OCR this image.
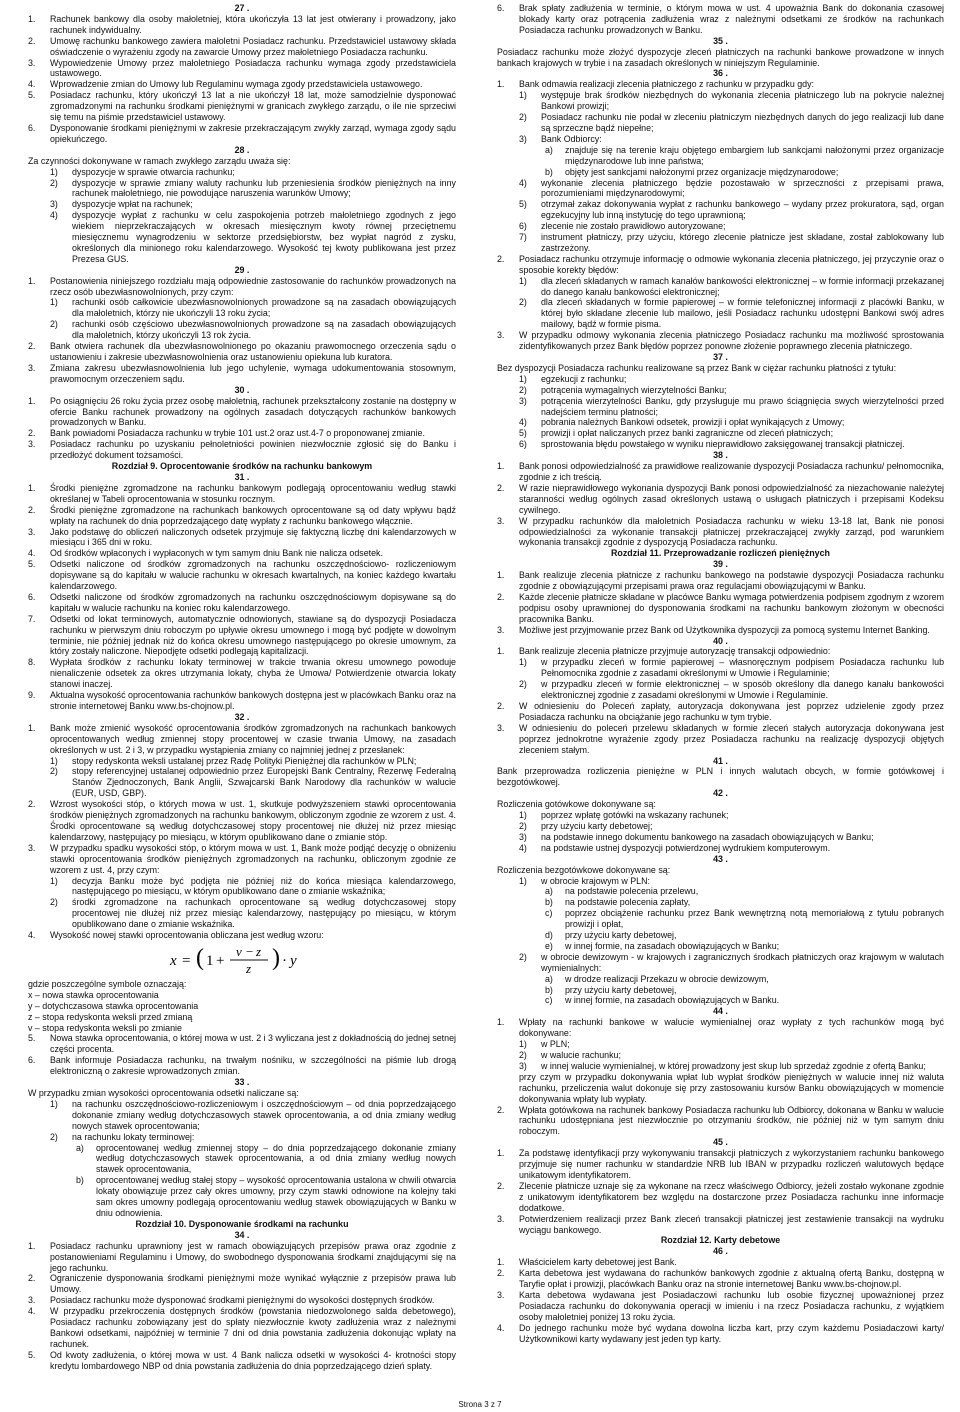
27 .

1. Rachunek bankowy dla osoby małoletniej, która ukończyła 13 lat jest otwierany i prowadzony, jako rachunek indywidualny.

2. Umowę rachunku bankowego zawiera małoletni Posiadacz rachunku. Przedstawiciel ustawowy składa oświadczenie o wyrażeniu zgody na zawarcie Umowy przez małoletniego Posiadacza rachunku.

3. Wypowiedzenie Umowy przez małoletniego Posiadacza rachunku wymaga zgody przedstawiciela ustawowego.

4. Wprowadzenie zmian do Umowy lub Regulaminu wymaga zgody przedstawiciela ustawowego.

5. Posiadacz rachunku, który ukończył 13 lat a nie ukończył 18 lat, może samodzielnie dysponować zgromadzonymi na rachunku środkami pieniężnymi w granicach zwykłego zarządu, o ile nie sprzeciwi się temu na piśmie przedstawiciel ustawowy.

6. Dysponowanie środkami pieniężnymi w zakresie przekraczającym zwykły zarząd, wymaga zgody sądu opiekuńczego.

28 .

Za czynności dokonywane w ramach zwykłego zarządu uważa się:

1) dyspozycje w sprawie otwarcia rachunku;

2) dyspozycje w sprawie zmiany waluty rachunku lub przeniesienia środków pieniężnych na inny rachunek małoletniego, nie powodujące naruszenia warunków Umowy;

3) dyspozycje wpłat na rachunek;

4) dyspozycje wypłat z rachunku w celu zaspokojenia potrzeb małoletniego zgodnych z jego wiekiem nieprzekraczających w okresach miesięcznym kwoty równej przeciętnemu miesięcznemu wynagrodzeniu w sektorze przedsiębiorstw, bez wypłat nagród z zysku, określonych dla minionego roku kalendarzowego. Wysokość tej kwoty publikowana jest przez Prezesa GUS.

29 .

1. Postanowienia niniejszego rozdziału mają odpowiednie zastosowanie do rachunków prowadzonych na rzecz osób ubezwłasnowolnionych, przy czym:

1) rachunki osób całkowicie ubezwłasnowolnionych prowadzone są na zasadach obowiązujących dla małoletnich, którzy nie ukończyli 13 roku życia;

2) rachunki osób częściowo ubezwłasnowolnionych prowadzone są na zasadach obowiązujących dla małoletnich, którzy ukończyli 13 rok życia.

2. Bank otwiera rachunek dla ubezwłasnowolnionego po okazaniu prawomocnego orzeczenia sądu o ustanowieniu i zakresie ubezwłasnowolnienia oraz ustanowieniu opiekuna lub kuratora.

3. Zmiana zakresu ubezwłasnowolnienia lub jego uchylenie, wymaga udokumentowania stosownym, prawomocnym orzeczeniem sądu.

30 .

1. Po osiągnięciu 26 roku życia przez osobę małoletnią, rachunek przekształcony zostanie na dostępny w ofercie Banku rachunek prowadzony na ogólnych zasadach dotyczących rachunków bankowych prowadzonych w Banku.

2. Bank powiadomi Posiadacza rachunku w trybie 101 ust.2 oraz ust.4-7 o proponowanej zmianie.

3. Posiadacz rachunku po uzyskaniu pełnoletniości powinien niezwłocznie zgłosić się do Banku i przedłożyć dokument tożsamości.

Rozdział 9. Oprocentowanie środków na rachunku bankowym

31 .

1. Środki pieniężne zgromadzone na rachunku bankowym podlegają oprocentowaniu według stawki określanej w Tabeli oprocentowania w stosunku rocznym.

2. Środki pieniężne zgromadzone na rachunkach bankowych oprocentowane są od daty wpływu bądź wpłaty na rachunek do dnia poprzedzającego datę wypłaty z rachunku bankowego włącznie.

3. Jako podstawę do obliczeń naliczonych odsetek przyjmuje się faktyczną liczbę dni kalendarzowych w miesiącu i 365 dni w roku.

4. Od środków wpłaconych i wypłaconych w tym samym dniu Bank nie nalicza odsetek.

5. Odsetki naliczone od środków zgromadzonych na rachunku oszczędnościowo- rozliczeniowym dopisywane są do kapitału w walucie rachunku w okresach kwartalnych, na koniec każdego kwartału kalendarzowego.

6. Odsetki naliczone od środków zgromadzonych na rachunku oszczędnościowym dopisywane są do kapitału w walucie rachunku na koniec roku kalendarzowego.

7. Odsetki od lokat terminowych, automatycznie odnowionych, stawiane są do dyspozycji Posiadacza rachunku w pierwszym dniu roboczym po upływie okresu umownego i mogą być podjęte w dowolnym terminie, nie później jednak niż do końca okresu umownego następującego po okresie umownym, za który zostały naliczone. Niepodjęte odsetki podlegają kapitalizacji.

8. Wypłata środków z rachunku lokaty terminowej w trakcie trwania okresu umownego powoduje nienaliczenie odsetek za okres utrzymania lokaty, chyba że Umowa/ Potwierdzenie otwarcia lokaty stanowi inaczej.

9. Aktualna wysokość oprocentowania rachunków bankowych dostępna jest w placówkach Banku oraz na stronie internetowej Banku www.bs-chojnow.pl.

32 .

1. Bank może zmienić wysokość oprocentowania środków zgromadzonych na rachunkach bankowych oprocentowanych według zmiennej stopy procentowej w czasie trwania Umowy, na zasadach określonych w ust. 2 i 3, w przypadku wystąpienia zmiany co najmniej jednej z przesłanek:

1) stopy redyskonta weksli ustalanej przez Radę Polityki Pieniężnej dla rachunków w PLN;

2) stopy referencyjnej ustalanej odpowiednio przez Europejski Bank Centralny, Rezerwę Federalną Stanów Zjednoczonych, Bank Anglii, Szwajcarski Bank Narodowy dla rachunków w walucie (EUR, USD, GBP).

2. Wzrost wysokości stóp, o których mowa w ust. 1, skutkuje podwyższeniem stawki oprocentowania środków pieniężnych zgromadzonych na rachunku bankowym, obliczonym zgodnie ze wzorem z ust. 4. Środki oprocentowane są według dotychczasowej stopy procentowej nie dłużej niż przez miesiąc kalendarzowy, następujący po miesiącu, w którym opublikowano dane o zmianie stóp.

3. W przypadku spadku wysokości stóp, o którym mowa w ust. 1, Bank może podjąć decyzję o obniżeniu stawki oprocentowania środków pieniężnych zgromadzonych na rachunku, obliczonym zgodnie ze wzorem z ust. 4, przy czym:

1) decyzja Banku może być podjęta nie później niż do końca miesiąca kalendarzowego, następującego po miesiącu, w którym opublikowano dane o zmianie wskaźnika;

2) środki zgromadzone na rachunkach oprocentowane są według dotychczasowej stopy procentowej nie dłużej niż przez miesiąc kalendarzowy, następujący po miesiącu, w którym opublikowano dane o zmianie wskaźnika.

4. Wysokość nowej stawki oprocentowania obliczana jest według wzoru:

x = ( 1 +
v − z
z ) · y

gdzie poszczególne symbole oznaczają:

x – nowa stawka oprocentowania

y – dotychczasowa stawka oprocentowania

z – stopa redyskonta weksli przed zmianą

v – stopa redyskonta weksli po zmianie

5. Nowa stawka oprocentowania, o której mowa w ust. 2 i 3 wyliczana jest z dokładnością do jednej setnej części procenta.

6. Bank informuje Posiadacza rachunku, na trwałym nośniku, w szczególności na piśmie lub drogą elektroniczną o zakresie wprowadzonych zmian.

33 .

W przypadku zmian wysokości oprocentowania odsetki naliczane są:

1) na rachunku oszczędnościowo-rozliczeniowym i oszczędnościowym – od dnia poprzedzającego dokonanie zmiany według dotychczasowych stawek oprocentowania, a od dnia zmiany według nowych stawek oprocentowania;

2) na rachunku lokaty terminowej:

a) oprocentowanej według zmiennej stopy – do dnia poprzedzającego dokonanie zmiany według dotychczasowych stawek oprocentowania, a od dnia zmiany według nowych stawek oprocentowania,

b) oprocentowanej według stałej stopy – wysokość oprocentowania ustalona w chwili otwarcia lokaty obowiązuje przez cały okres umowny, przy czym stawki odnowione na kolejny taki sam okres umowny podlegają oprocentowaniu według stawek obowiązujących w Banku w dniu odnowienia.

Rozdział 10. Dysponowanie środkami na rachunku

34 .

1. Posiadacz rachunku uprawniony jest w ramach obowiązujących przepisów prawa oraz zgodnie z postanowieniami Regulaminu i Umowy, do swobodnego dysponowania środkami znajdującymi się na jego rachunku.

2. Ograniczenie dysponowania środkami pieniężnymi może wynikać wyłącznie z przepisów prawa lub Umowy.

3. Posiadacz rachunku może dysponować środkami pieniężnymi do wysokości dostępnych środków.

4. W przypadku przekroczenia dostępnych środków (powstania niedozwolonego salda debetowego), Posiadacz rachunku zobowiązany jest do spłaty niezwłocznie kwoty zadłużenia wraz z należnymi Bankowi odsetkami, najpóźniej w terminie 7 dni od dnia powstania zadłużenia dokonując wpłaty na rachunek.

5. Od kwoty zadłużenia, o której mowa w ust. 4 Bank nalicza odsetki w wysokości 4- krotności stopy kredytu lombardowego NBP od dnia powstania zadłużenia do dnia poprzedzającego dzień spłaty.

6. Brak spłaty zadłużenia w terminie, o którym mowa w ust. 4 upoważnia Bank do dokonania czasowej blokady karty oraz potrącenia zadłużenia wraz z należnymi odsetkami ze środków na rachunkach Posiadacza rachunku prowadzonych w Banku.

35 .

Posiadacz rachunku może złożyć dyspozycje zleceń płatniczych na rachunki bankowe prowadzone w innych bankach krajowych w trybie i na zasadach określonych w niniejszym Regulaminie.

36 .

1. Bank odmawia realizacji zlecenia płatniczego z rachunku w przypadku gdy:

1) występuje brak środków niezbędnych do wykonania zlecenia płatniczego lub na pokrycie należnej Bankowi prowizji;

2) Posiadacz rachunku nie podał w zleceniu płatniczym niezbędnych danych do jego realizacji lub dane są sprzeczne bądź niepełne;

3) Bank Odbiorcy:

a) znajduje się na terenie kraju objętego embargiem lub sankcjami nałożonymi przez organizacje międzynarodowe lub inne państwa;

b) objęty jest sankcjami nałożonymi przez organizacje międzynarodowe;

4) wykonanie zlecenia płatniczego będzie pozostawało w sprzeczności z przepisami prawa, porozumieniami międzynarodowymi;

5) otrzymał zakaz dokonywania wypłat z rachunku bankowego – wydany przez prokuratora, sąd, organ egzekucyjny lub inną instytucję do tego uprawnioną;

6) zlecenie nie zostało prawidłowo autoryzowane;

7) instrument płatniczy, przy użyciu, którego zlecenie płatnicze jest składane, został zablokowany lub zastrzeżony.

2. Posiadacz rachunku otrzymuje informację o odmowie wykonania zlecenia płatniczego, jej przyczynie oraz o sposobie korekty błędów:

1) dla zleceń składanych w ramach kanałów bankowości elektronicznej – w formie informacji przekazanej do danego kanału bankowości elektronicznej;

2) dla zleceń składanych w formie papierowej – w formie telefonicznej informacji z placówki Banku, w której było składane zlecenie lub mailowo, jeśli Posiadacz rachunku udostępni Bankowi swój adres mailowy, bądź w formie pisma.

3. W przypadku odmowy wykonania zlecenia płatniczego Posiadacz rachunku ma możliwość sprostowania zidentyfikowanych przez Bank błędów poprzez ponowne złożenie poprawnego zlecenia płatniczego.

37 .

Bez dyspozycji Posiadacza rachunku realizowane są przez Bank w ciężar rachunku płatności z tytułu:

1) egzekucji z rachunku;

2) potrącenia wymagalnych wierzytelności Banku;

3) potrącenia wierzytelności Banku, gdy przysługuje mu prawo ściągnięcia swych wierzytelności przed nadejściem terminu płatności;

4) pobrania należnych Bankowi odsetek, prowizji i opłat wynikających z Umowy;

5) prowizji i opłat naliczanych przez banki zagraniczne od zleceń płatniczych;

6) sprostowania błędu powstałego w wyniku nieprawidłowo zaksięgowanej transakcji płatniczej.

38 .

1. Bank ponosi odpowiedzialność za prawidłowe realizowanie dyspozycji Posiadacza rachunku/ pełnomocnika, zgodnie z ich treścią.

2. W razie nieprawidłowego wykonania dyspozycji Bank ponosi odpowiedzialność za niezachowanie należytej staranności według ogólnych zasad określonych ustawą o usługach płatniczych i przepisami Kodeksu cywilnego.

3. W przypadku rachunków dla małoletnich Posiadacza rachunku w wieku 13-18 lat, Bank nie ponosi odpowiedzialności za wykonanie transakcji płatniczej przekraczającej zwykły zarząd, pod warunkiem wykonania transakcji zgodnie z dyspozycją Posiadacza rachunku.

Rozdział 11. Przeprowadzanie rozliczeń pieniężnych

39 .

1. Bank realizuje zlecenia płatnicze z rachunku bankowego na podstawie dyspozycji Posiadacza rachunku zgodnie z obowiązującymi przepisami prawa oraz regulacjami obowiązującymi w Banku.

2. Każde zlecenie płatnicze składane w placówce Banku wymaga potwierdzenia podpisem zgodnym z wzorem podpisu osoby uprawnionej do dysponowania środkami na rachunku bankowym złożonym w obecności pracownika Banku.

3. Możliwe jest przyjmowanie przez Bank od Użytkownika dyspozycji za pomocą systemu Internet Banking.

40 .

1. Bank realizuje zlecenia płatnicze przyjmuje autoryzację transakcji odpowiednio:

1) w przypadku zleceń w formie papierowej – własnoręcznym podpisem Posiadacza rachunku lub Pełnomocnika zgodnie z zasadami określonymi w Umowie i Regulaminie;

2) w przypadku zleceń w formie elektronicznej – w sposób określony dla danego kanału bankowości elektronicznej zgodnie z zasadami określonymi w Umowie i Regulaminie.

2. W odniesieniu do Poleceń zapłaty, autoryzacja dokonywana jest poprzez udzielenie zgody przez Posiadacza rachunku na obciążanie jego rachunku w tym trybie.

3. W odniesieniu do poleceń przelewu składanych w formie zleceń stałych autoryzacja dokonywana jest poprzez jednokrotne wyrażenie zgody przez Posiadacza rachunku na realizację dyspozycji objętych zleceniem stałym.

41 .

Bank przeprowadza rozliczenia pieniężne w PLN i innych walutach obcych, w formie gotówkowej i bezgotówkowej.

42 .

Rozliczenia gotówkowe dokonywane są:

1) poprzez wpłatę gotówki na wskazany rachunek;

2) przy użyciu karty debetowej;

3) na podstawie innego dokumentu bankowego na zasadach obowiązujących w Banku;

4) na podstawie ustnej dyspozycji potwierdzonej wydrukiem komputerowym.

43 .

Rozliczenia bezgotówkowe dokonywane są:

1) w obrocie krajowym w PLN:

a) na podstawie polecenia przelewu,

b) na podstawie polecenia zapłaty,

c) poprzez obciążenie rachunku przez Bank wewnętrzną notą memoriałową z tytułu pobranych prowizji i opłat,

d) przy użyciu karty debetowej,

e) w innej formie, na zasadach obowiązujących w Banku;

2) w obrocie dewizowym - w krajowych i zagranicznych środkach płatniczych oraz krajowym w walutach wymienialnych:

a) w drodze realizacji Przekazu w obrocie dewizowym,

b) przy użyciu karty debetowej,

c) w innej formie, na zasadach obowiązujących w Banku.

44 .

1. Wpłaty na rachunki bankowe w walucie wymienialnej oraz wypłaty z tych rachunków mogą być dokonywane:

1) w PLN;

2) w walucie rachunku;

3) w innej walucie wymienialnej, w której prowadzony jest skup lub sprzedaż zgodnie z ofertą Banku;

przy czym w przypadku dokonywania wpłat lub wypłat środków pieniężnych w walucie innej niż waluta rachunku, przeliczenia walut dokonuje się przy zastosowaniu kursów Banku obowiązujących w momencie dokonywania wpłaty lub wypłaty.

2. Wpłata gotówkowa na rachunek bankowy Posiadacza rachunku lub Odbiorcy, dokonana w Banku w walucie rachunku udostępniana jest niezwłocznie po otrzymaniu środków, nie później niż w tym samym dniu roboczym.

45 .

1. Za podstawę identyfikacji przy wykonywaniu transakcji płatniczych z wykorzystaniem rachunku bankowego przyjmuje się numer rachunku w standardzie NRB lub IBAN w przypadku rozliczeń walutowych będące unikatowym identyfikatorem.

2. Zlecenie płatnicze uznaje się za wykonane na rzecz właściwego Odbiorcy, jeżeli zostało wykonane zgodnie z unikatowym identyfikatorem bez względu na dostarczone przez Posiadacza rachunku inne informacje dodatkowe.

3. Potwierdzeniem realizacji przez Bank zleceń transakcji płatniczej jest zestawienie transakcji na wydruku wyciągu bankowego.

Rozdział 12. Karty debetowe

46 .

1. Właścicielem karty debetowej jest Bank.

2. Karta debetowa jest wydawana do rachunków bankowych zgodnie z aktualną ofertą Banku, dostępną w Taryfie opłat i prowizji, placówkach Banku oraz na stronie internetowej Banku www.bs-chojnow.pl.

3. Karta debetowa wydawana jest Posiadaczowi rachunku lub osobie fizycznej upoważnionej przez Posiadacza rachunku do dokonywania operacji w imieniu i na rzecz Posiadacza rachunku, z wyjątkiem osoby małoletniej poniżej 13 roku życia.

4. Do jednego rachunku może być wydana dowolna liczba kart, przy czym każdemu Posiadaczowi karty/ Użytkownikowi karty wydawany jest jeden typ karty.

Strona 3 z 7
